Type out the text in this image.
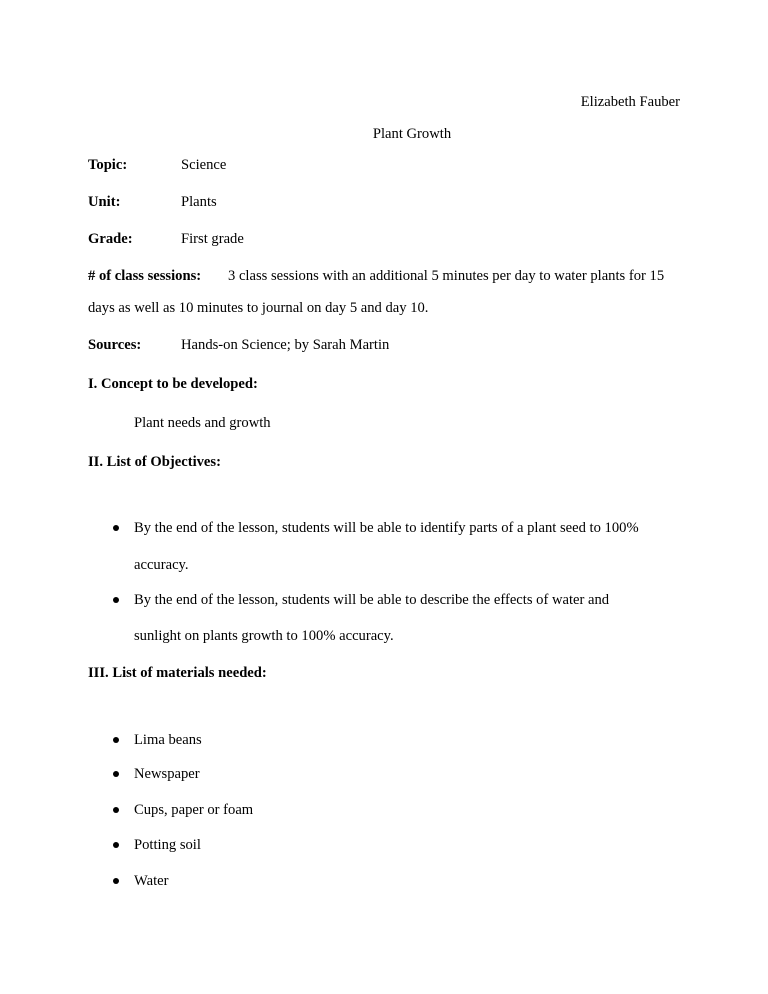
Elizabeth Fauber
Plant Growth
Topic:	Science
Unit:	Plants
Grade:	First grade
# of class sessions: 3 class sessions with an additional 5 minutes per day to water plants for 15
days as well as 10 minutes to journal on day 5 and day 10.
Sources:	Hands-on Science; by Sarah Martin
I. Concept to be developed:
Plant needs and growth
II. List of Objectives:
By the end of the lesson, students will be able to identify parts of a plant seed to 100%
accuracy.
By the end of the lesson, students will be able to describe the effects of water and
sunlight on plants growth to 100% accuracy.
III. List of materials needed:
Lima beans
Newspaper
Cups, paper or foam
Potting soil
Water
